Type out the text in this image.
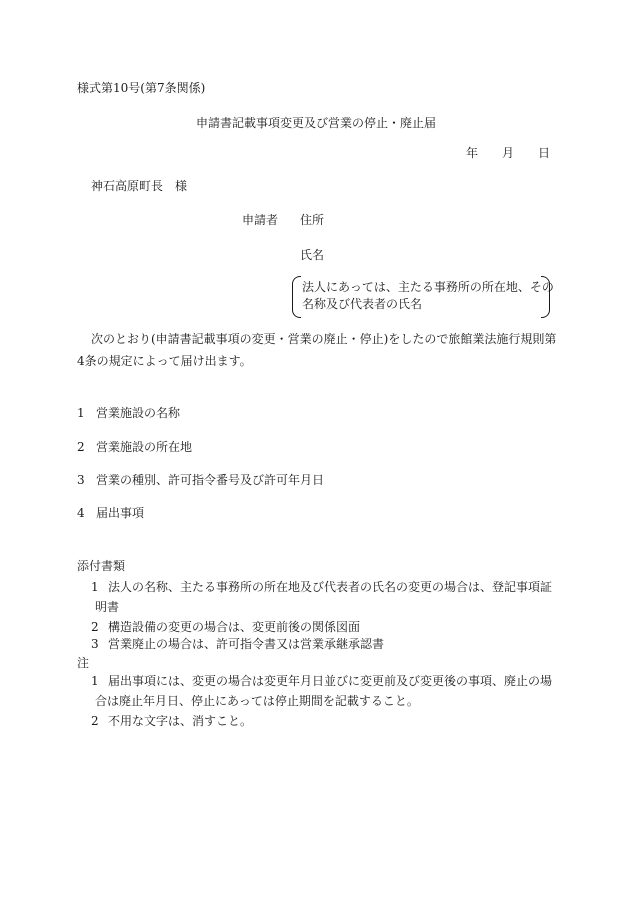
様式第10号(第7条関係)
申請書記載事項変更及び営業の停止・廃止届
年 月 日
神石高原町長　様
申請者 住所
氏名
法人にあっては、主たる事務所の所在地、その
名称及び代表者の氏名
次のとおり(申請書記載事項の変更・営業の廃止・停止)をしたので旅館業法施行規則第
4条の規定によって届け出ます。
1 営業施設の名称
2 営業施設の所在地
3 営業の種別、許可指令番号及び許可年月日
4 届出事項
添付書類
1 法人の名称、主たる事務所の所在地及び代表者の氏名の変更の場合は、登記事項証
明書
2 構造設備の変更の場合は、変更前後の関係図面
3 営業廃止の場合は、許可指令書又は営業承継承認書
注
1 届出事項には、変更の場合は変更年月日並びに変更前及び変更後の事項、廃止の場
合は廃止年月日、停止にあっては停止期間を記載すること。
2 不用な文字は、消すこと。
